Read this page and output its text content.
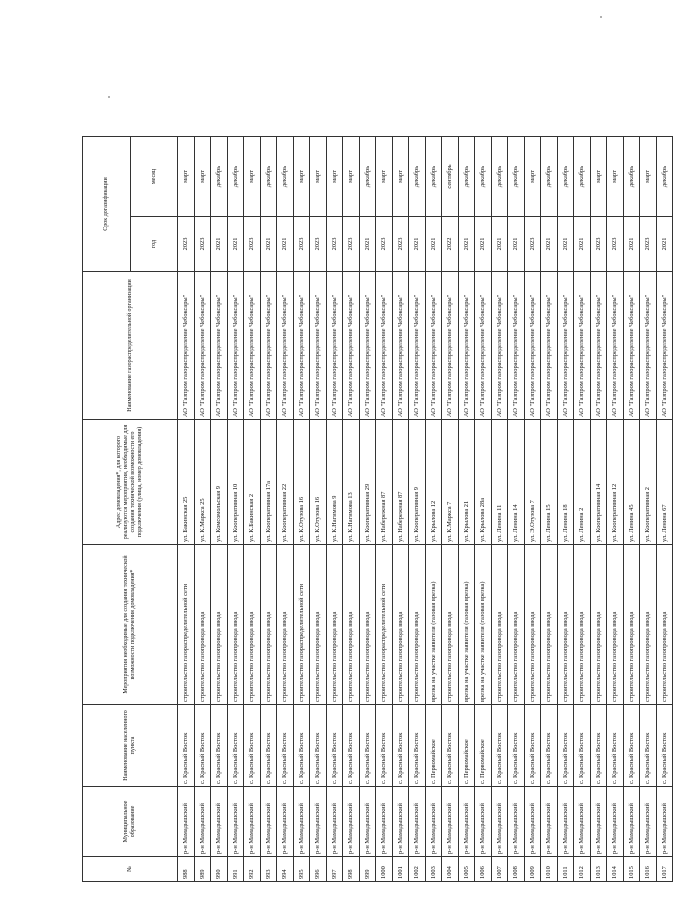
№	Муниципальное образование	Наименование населенного пункта	Мероприятия необходимые для создания технической возможности подключения домовладения*	Адрес домовладения*, для которого реализуются мероприятия, необходимые для создания технической возможности его подключения (улица, номер домовладения)	Наименование газораспределительной организации	Срок догазификации	
						год	месяц
988	р-н Мамадышский	с. Красный Восток	строительство газораспределительной сети	ул. Бакинская 25	АО "Газпром газораспределение Чебоксары"	2023	март
989	р-н Мамадышский	с. Красный Восток	строительство газопровода ввода	ул. К.Маркса 25	АО "Газпром газораспределение Чебоксары"	2023	март
990	р-н Мамадышский	с. Красный Восток	строительство газопровода ввода	ул. Комсомольская 9	АО "Газпром газораспределение Чебоксары"	2021	декабрь
991	р-н Мамадышский	с. Красный Восток	строительство газопровода ввода	ул. Кооперативная 10	АО "Газпром газораспределение Чебоксары"	2021	декабрь
992	р-н Мамадышский	с. Красный Восток	строительство газопровода ввода	ул. К.Бакинская 2	АО "Газпром газораспределение Чебоксары"	2023	март
993	р-н Мамадышский	с. Красный Восток	строительство газопровода ввода	ул. Кооперативная 17а	АО "Газпром газораспределение Чебоксары"	2021	декабрь
994	р-н Мамадышский	с. Красный Восток	строительство газопровода ввода	ул. Кооперативная 22	АО "Газпром газораспределение Чебоксары"	2021	декабрь
995	р-н Мамадышский	с. Красный Восток	строительство газораспределительной сети	ул. К.Отузова 16	АО "Газпром газораспределение Чебоксары"	2023	март
996	р-н Мамадышский	с. Красный Восток	строительство газопровода ввода	ул. К.Отузова 16	АО "Газпром газораспределение Чебоксары"	2023	март
997	р-н Мамадышский	с. Красный Восток	строительство газопровода ввода	ул. К.Нагимова 9	АО "Газпром газораспределение Чебоксары"	2023	март
998	р-н Мамадышский	с. Красный Восток	строительство газопровода ввода	ул. К.Нагимова 13	АО "Газпром газораспределение Чебоксары"	2023	март
999	р-н Мамадышский	с. Красный Восток	строительство газопровода ввода	ул. Кооперативная 29	АО "Газпром газораспределение Чебоксары"	2021	декабрь
1000	р-н Мамадышский	с. Красный Восток	строительство газораспределительной сети	ул. Набережная 87	АО "Газпром газораспределение Чебоксары"	2023	март
1001	р-н Мамадышский	с. Красный Восток	строительство газопровода ввода	ул. Набережная 87	АО "Газпром газораспределение Чебоксары"	2023	март
1002	р-н Мамадышский	с. Красный Восток	строительство газопровода ввода	ул. Кооперативная 9	АО "Газпром газораспределение Чебоксары"	2021	декабрь
1003	р-н Мамадышский	с. Первомайское	врезка на участке заявителя (газовая врезка)	ул. Крылова 12	АО "Газпром газораспределение Чебоксары"	2021	декабрь
1004	р-н Мамадышский	с. Красный Восток	строительство газопровода ввода	ул. К.Маркса 7	АО "Газпром газораспределение Чебоксары"	2022	сентябрь
1005	р-н Мамадышский	с. Первомайское	врезка на участке заявителя (газовая врезка)	ул. Крылова 21	АО "Газпром газораспределение Чебоксары"	2021	декабрь
1006	р-н Мамадышский	с. Первомайское	врезка на участке заявителя (газовая врезка)	ул. Крылова 28а	АО "Газпром газораспределение Чебоксары"	2021	декабрь
1007	р-н Мамадышский	с. Красный Восток	строительство газопровода ввода	ул. Ленина 11	АО "Газпром газораспределение Чебоксары"	2021	декабрь
1008	р-н Мамадышский	с. Красный Восток	строительство газопровода ввода	ул. Ленина 14	АО "Газпром газораспределение Чебоксары"	2021	декабрь
1009	р-н Мамадышский	с. Красный Восток	строительство газопровода ввода	ул. Э.Отузова 7	АО "Газпром газораспределение Чебоксары"	2023	март
1010	р-н Мамадышский	с. Красный Восток	строительство газопровода ввода	ул. Ленина 15	АО "Газпром газораспределение Чебоксары"	2021	декабрь
1011	р-н Мамадышский	с. Красный Восток	строительство газопровода ввода	ул. Ленина 18	АО "Газпром газораспределение Чебоксары"	2021	декабрь
1012	р-н Мамадышский	с. Красный Восток	строительство газопровода ввода	ул. Ленина 2	АО "Газпром газораспределение Чебоксары"	2021	декабрь
1013	р-н Мамадышский	с. Красный Восток	строительство газопровода ввода	ул. Кооперативная 14	АО "Газпром газораспределение Чебоксары"	2023	март
1014	р-н Мамадышский	с. Красный Восток	строительство газопровода ввода	ул. Кооперативная 12	АО "Газпром газораспределение Чебоксары"	2023	март
1015	р-н Мамадышский	с. Красный Восток	строительство газопровода ввода	ул. Ленина 45	АО "Газпром газораспределение Чебоксары"	2021	декабрь
1016	р-н Мамадышский	с. Красный Восток	строительство газопровода ввода	ул. Кооперативная 2	АО "Газпром газораспределение Чебоксары"	2023	март
1017	р-н Мамадышский	с. Красный Восток	строительство газопровода ввода	ул. Ленина 67	АО "Газпром газораспределение Чебоксары"	2021	декабрь
